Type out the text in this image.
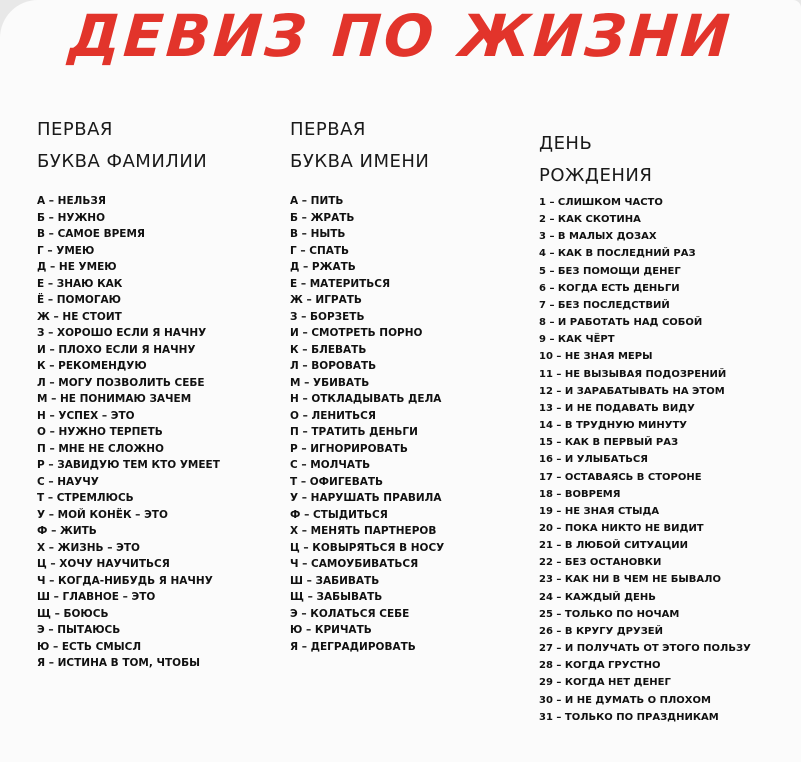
ДЕВИЗ ПО ЖИЗНИ
ПЕРВАЯ
БУКВА ФАМИЛИИ
А – НЕЛЬЗЯ
Б – НУЖНО
В – САМОЕ ВРЕМЯ
Г – УМЕЮ
Д – НЕ УМЕЮ
Е – ЗНАЮ КАК
Ё – ПОМОГАЮ
Ж – НЕ СТОИТ
З – ХОРОШО ЕСЛИ Я НАЧНУ
И – ПЛОХО ЕСЛИ Я НАЧНУ
К – РЕКОМЕНДУЮ
Л – МОГУ ПОЗВОЛИТЬ СЕБЕ
М – НЕ ПОНИМАЮ ЗАЧЕМ
Н – УСПЕХ – ЭТО
О – НУЖНО ТЕРПЕТЬ
П – МНЕ НЕ СЛОЖНО
Р – ЗАВИДУЮ ТЕМ КТО УМЕЕТ
С – НАУЧУ
Т – СТРЕМЛЮСЬ
У – МОЙ КОНЁК – ЭТО
Ф – ЖИТЬ
Х – ЖИЗНЬ – ЭТО
Ц – ХОЧУ НАУЧИТЬСЯ
Ч – КОГДА-НИБУДЬ Я НАЧНУ
Ш – ГЛАВНОЕ – ЭТО
Щ – БОЮСЬ
Э – ПЫТАЮСЬ
Ю – ЕСТЬ СМЫСЛ
Я – ИСТИНА В ТОМ, ЧТОБЫ
ПЕРВАЯ
БУКВА ИМЕНИ
А – ПИТЬ
Б – ЖРАТЬ
В – НЫТЬ
Г – СПАТЬ
Д – РЖАТЬ
Е – МАТЕРИТЬСЯ
Ж – ИГРАТЬ
З – БОРЗЕТЬ
И – СМОТРЕТЬ ПОРНО
К – БЛЕВАТЬ
Л – ВОРОВАТЬ
М – УБИВАТЬ
Н – ОТКЛАДЫВАТЬ ДЕЛА
О – ЛЕНИТЬСЯ
П – ТРАТИТЬ ДЕНЬГИ
Р – ИГНОРИРОВАТЬ
С – МОЛЧАТЬ
Т – ОФИГЕВАТЬ
У – НАРУШАТЬ ПРАВИЛА
Ф – СТЫДИТЬСЯ
Х – МЕНЯТЬ ПАРТНЕРОВ
Ц – КОВЫРЯТЬСЯ В НОСУ
Ч – САМОУБИВАТЬСЯ
Ш – ЗАБИВАТЬ
Щ – ЗАБЫВАТЬ
Э – КОЛАТЬСЯ СЕБЕ
Ю – КРИЧАТЬ
Я – ДЕГРАДИРОВАТЬ
ДЕНЬ
РОЖДЕНИЯ
1 – СЛИШКОМ ЧАСТО
2 – КАК СКОТИНА
3 – В МАЛЫХ ДОЗАХ
4 – КАК В ПОСЛЕДНИЙ РАЗ
5 – БЕЗ ПОМОЩИ ДЕНЕГ
6 – КОГДА ЕСТЬ ДЕНЬГИ
7 – БЕЗ ПОСЛЕДСТВИЙ
8 – И РАБОТАТЬ НАД СОБОЙ
9 – КАК ЧЁРТ
10 – НЕ ЗНАЯ МЕРЫ
11 – НЕ ВЫЗЫВАЯ ПОДОЗРЕНИЙ
12 – И ЗАРАБАТЫВАТЬ НА ЭТОМ
13 – И НЕ ПОДАВАТЬ ВИДУ
14 – В ТРУДНУЮ МИНУТУ
15 – КАК В ПЕРВЫЙ РАЗ
16 – И УЛЫБАТЬСЯ
17 – ОСТАВАЯСЬ В СТОРОНЕ
18 – ВОВРЕМЯ
19 – НЕ ЗНАЯ СТЫДА
20 – ПОКА НИКТО НЕ ВИДИТ
21 – В ЛЮБОЙ СИТУАЦИИ
22 – БЕЗ ОСТАНОВКИ
23 – КАК НИ В ЧЕМ НЕ БЫВАЛО
24 – КАЖДЫЙ ДЕНЬ
25 – ТОЛЬКО ПО НОЧАМ
26 – В КРУГУ ДРУЗЕЙ
27 – И ПОЛУЧАТЬ ОТ ЭТОГО ПОЛЬЗУ
28 – КОГДА ГРУСТНО
29 – КОГДА НЕТ ДЕНЕГ
30 – И НЕ ДУМАТЬ О ПЛОХОМ
31 – ТОЛЬКО ПО ПРАЗДНИКАМ
